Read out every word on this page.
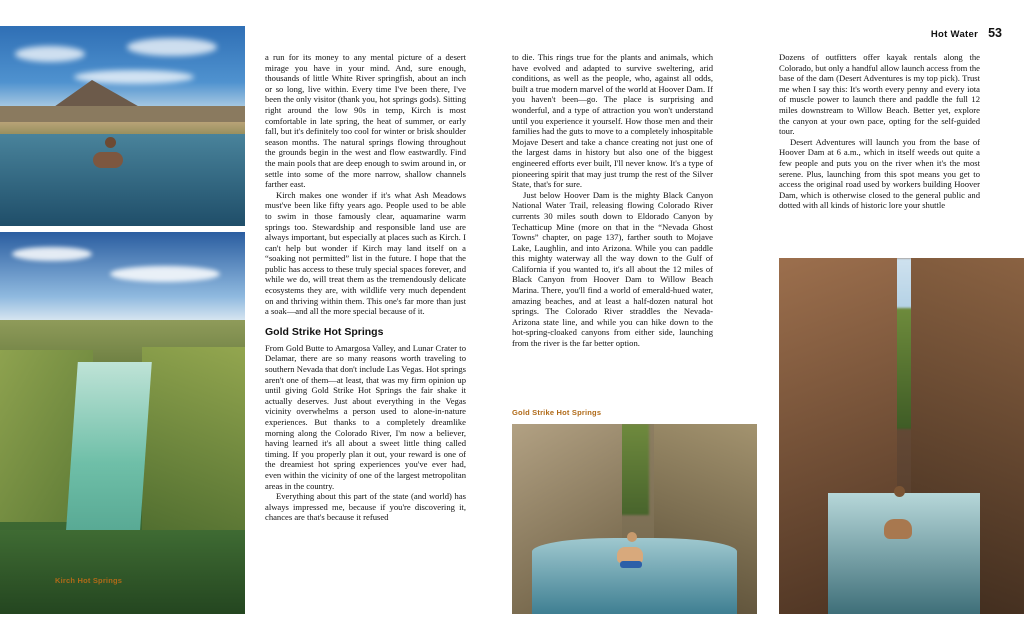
Hot Water 53
Kirch Hot Springs
Gold Strike Hot Springs

a run for its money to any mental picture of a desert mirage you have in your mind. And, sure enough, thousands of little White River springfish, about an inch or so long, live within. Every time I've been there, I've been the only visitor (thank you, hot springs gods). Sitting right around the low 90s in temp, Kirch is most comfortable in late spring, the heat of summer, or early fall, but it's definitely too cool for winter or brisk shoulder season months. The natural springs flowing throughout the grounds begin in the west and flow eastwardly. Find the main pools that are deep enough to swim around in, or settle into some of the more narrow, shallow channels farther east.

Kirch makes one wonder if it's what Ash Meadows must've been like fifty years ago. People used to be able to swim in those famously clear, aquamarine warm springs too. Stewardship and responsible land use are always important, but especially at places such as Kirch. I can't help but wonder if Kirch may land itself on a “soaking not permitted” list in the future. I hope that the public has access to these truly special spaces forever, and while we do, will treat them as the tremendously delicate ecosystems they are, with wildlife very much dependent on and thriving within them. This one's far more than just a soak—and all the more special because of it.

Gold Strike Hot Springs

From Gold Butte to Amargosa Valley, and Lunar Crater to Delamar, there are so many reasons worth traveling to southern Nevada that don't include Las Vegas. Hot springs aren't one of them—at least, that was my firm opinion up until giving Gold Strike Hot Springs the fair shake it actually deserves. Just about everything in the Vegas vicinity overwhelms a person used to alone-in-nature experiences. But thanks to a completely dreamlike morning along the Colorado River, I'm now a believer, having learned it's all about a sweet little thing called timing. If you properly plan it out, your reward is one of the dreamiest hot spring experiences you've ever had, even within the vicinity of one of the largest metropolitan areas in the country.

Everything about this part of the state (and world) has always impressed me, because if you're discovering it, chances are that's because it refused

to die. This rings true for the plants and animals, which have evolved and adapted to survive sweltering, arid conditions, as well as the people, who, against all odds, built a true modern marvel of the world at Hoover Dam. If you haven't been—go. The place is surprising and wonderful, and a type of attraction you won't understand until you experience it yourself. How those men and their families had the guts to move to a completely inhospitable Mojave Desert and take a chance creating not just one of the largest dams in history but also one of the biggest engineered efforts ever built, I'll never know. It's a type of pioneering spirit that may just trump the rest of the Silver State, that's for sure.

Just below Hoover Dam is the mighty Black Canyon National Water Trail, releasing flowing Colorado River currents 30 miles south down to Eldorado Canyon by Techatticup Mine (more on that in the “Nevada Ghost Towns” chapter, on page 137), farther south to Mojave Lake, Laughlin, and into Arizona. While you can paddle this mighty waterway all the way down to the Gulf of California if you wanted to, it's all about the 12 miles of Black Canyon from Hoover Dam to Willow Beach Marina. There, you'll find a world of emerald-hued water, amazing beaches, and at least a half-dozen natural hot springs. The Colorado River straddles the Nevada-Arizona state line, and while you can hike down to the hot-spring-cloaked canyons from either side, launching from the river is the far better option.

Dozens of outfitters offer kayak rentals along the Colorado, but only a handful allow launch access from the base of the dam (Desert Adventures is my top pick). Trust me when I say this: It's worth every penny and every iota of muscle power to launch there and paddle the full 12 miles downstream to Willow Beach. Better yet, explore the canyon at your own pace, opting for the self-guided tour.

Desert Adventures will launch you from the base of Hoover Dam at 6 a.m., which in itself weeds out quite a few people and puts you on the river when it's the most serene. Plus, launching from this spot means you get to access the original road used by workers building Hoover Dam, which is otherwise closed to the general public and dotted with all kinds of historic lore your shuttle
